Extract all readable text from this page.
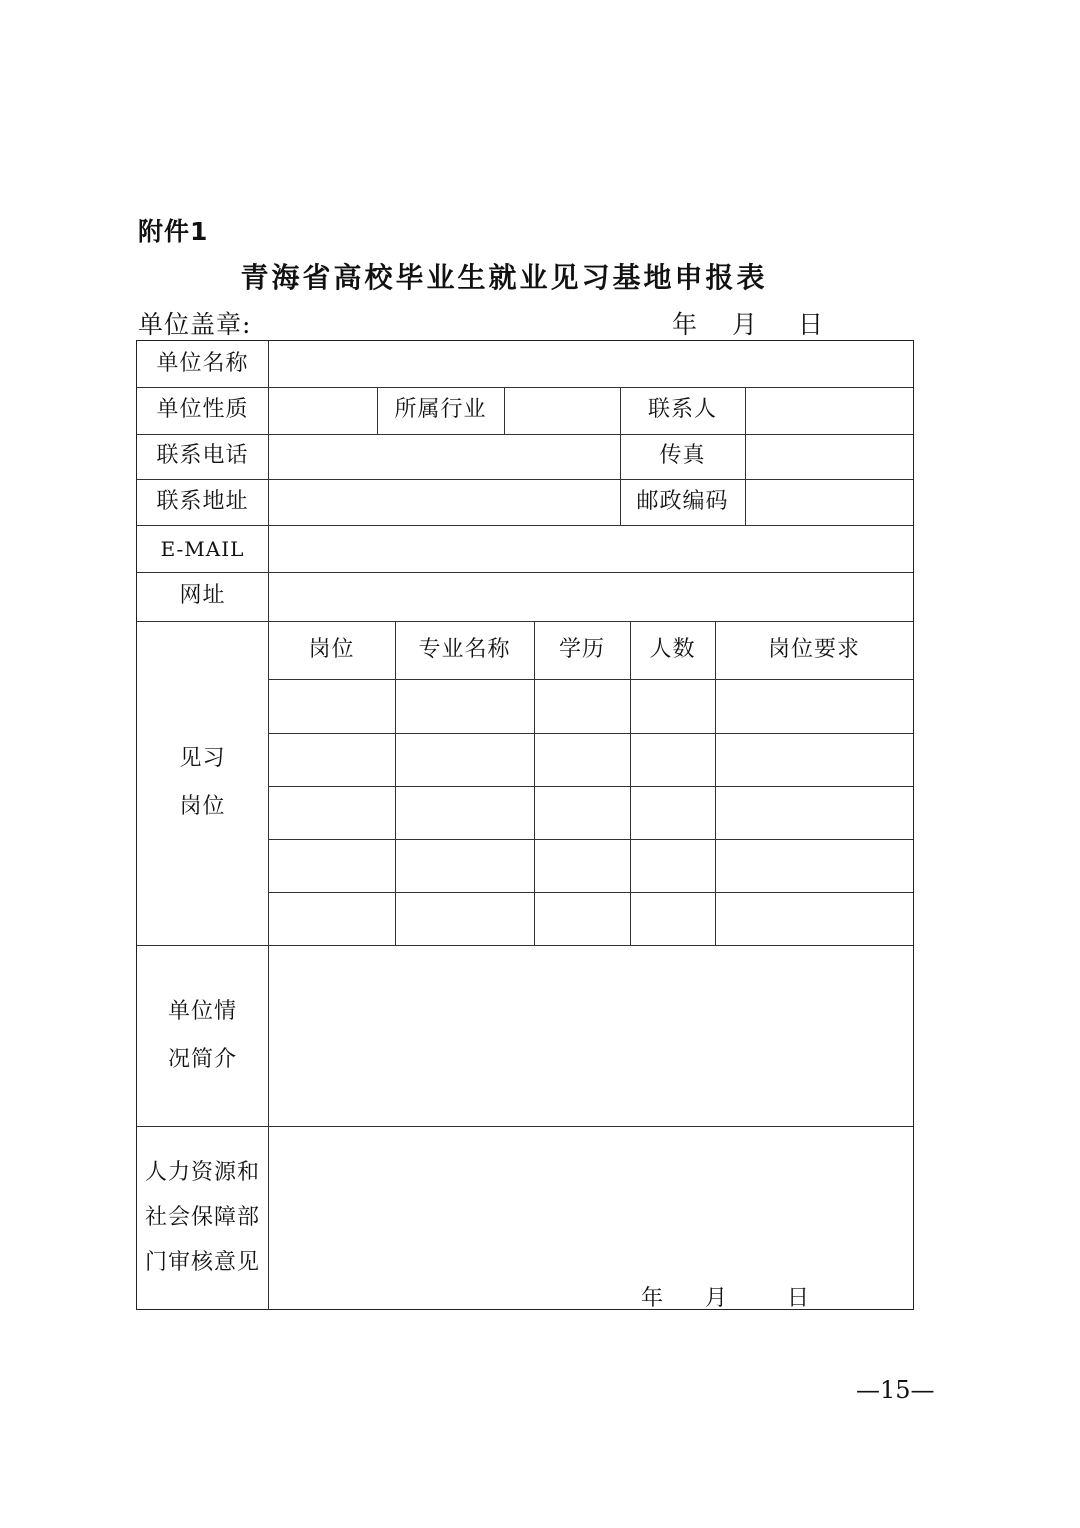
附件1
青海省高校毕业生就业见习基地申报表
单位盖章:	年 月 日
单位名称
单位性质	所属行业	联系人
联系电话	传真
联系地址	邮政编码
E-MAIL
网址
见习
岗位
岗位	专业名称	学历	人数	岗位要求
单位情
况简介
人力资源和
社会保障部
门审核意见
年 月	日
—15—
